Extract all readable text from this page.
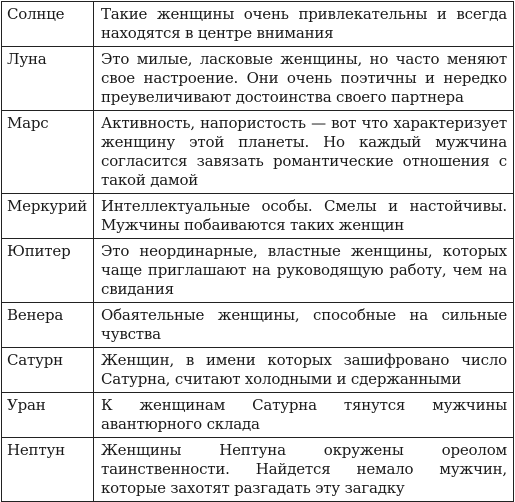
Солнце	Такие женщины очень привлекательны и всегда находятся в центре внимания
Луна	Это милые, ласковые женщины, но часто меняют свое настроение. Они очень поэтичны и нередко преувеличивают достоинства своего партнера
Марс	Активность, напористость — вот что характеризует женщину этой планеты. Но каждый мужчина согласится завязать романтические отношения с такой дамой
Меркурий	Интеллектуальные особы. Смелы и настойчивы. Мужчины побаиваются таких женщин
Юпитер	Это неординарные, властные женщины, которых чаще приглашают на руководящую работу, чем на свидания
Венера	Обаятельные женщины, способные на сильные чувства
Сатурн	Женщин, в имени которых зашифровано число Сатурна, считают холодными и сдержанными
Уран	К женщинам Сатурна тянутся мужчины авантюрного склада
Нептун	Женщины Нептуна окружены ореолом таинственности. Найдется немало мужчин, которые захотят разгадать эту загадку
